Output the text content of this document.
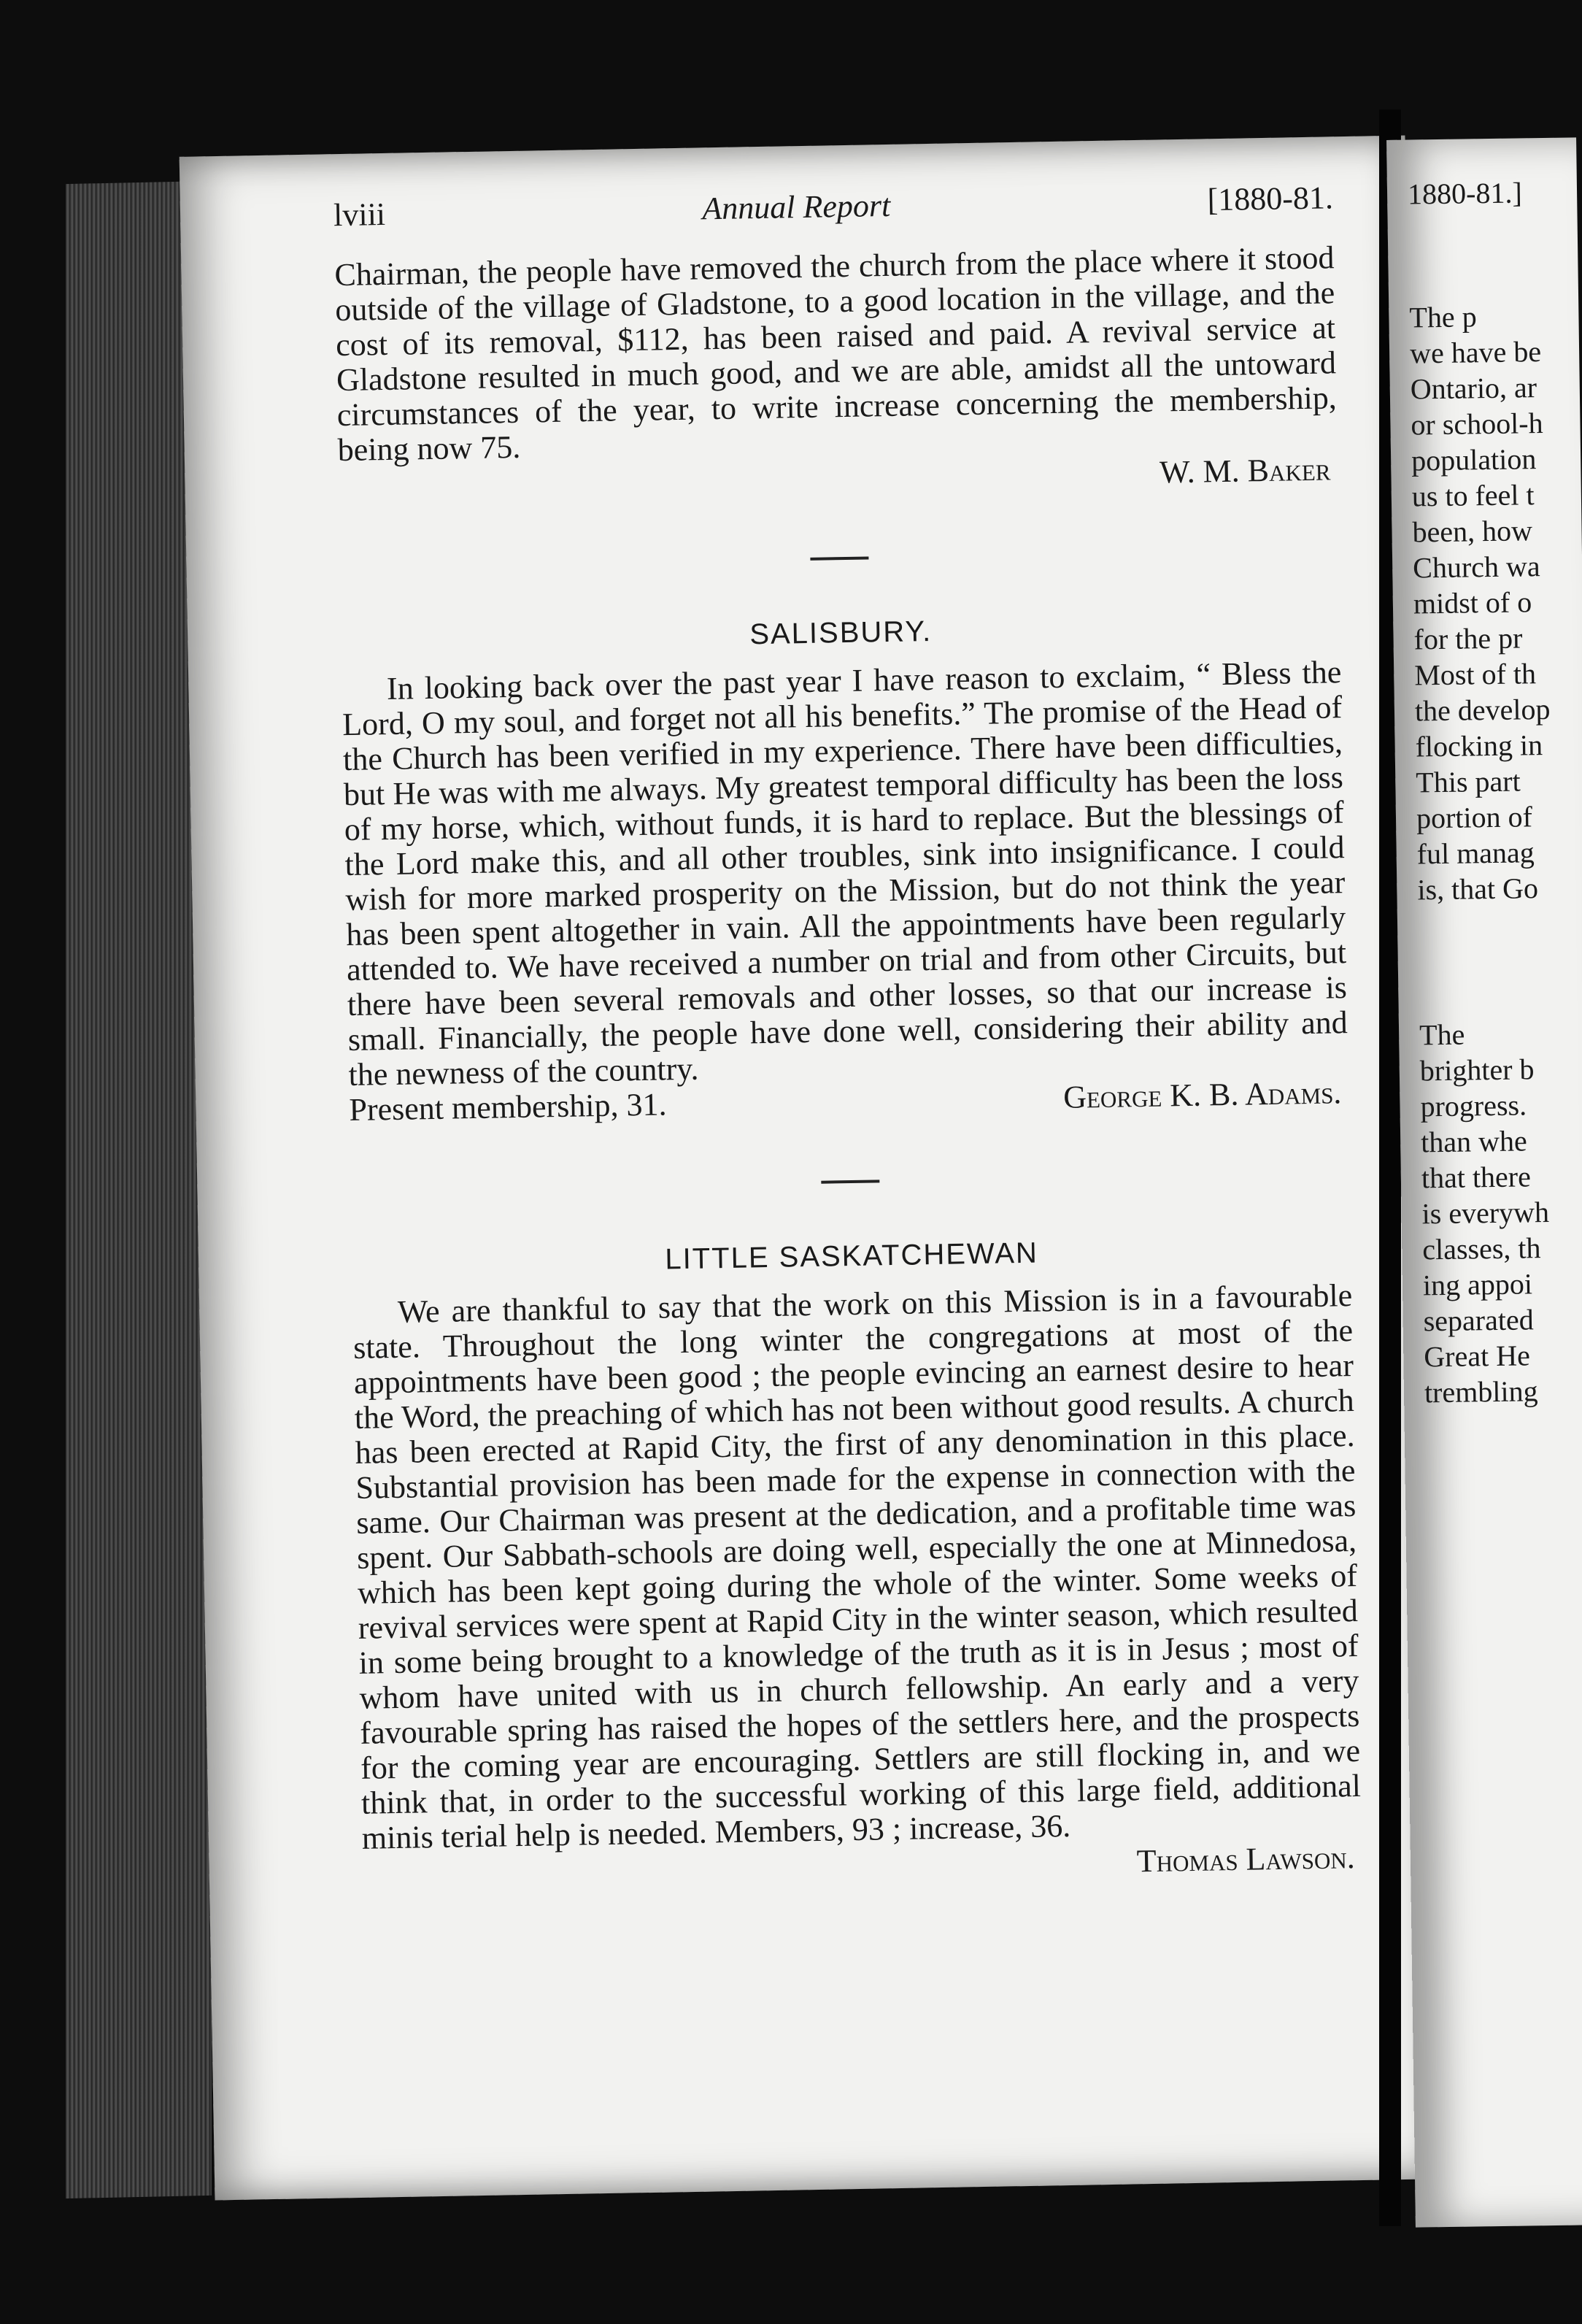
lviii	Annual Report	[1880-81.

Chairman, the people have removed the church from the place where it stood outside of the village of Gladstone, to a good location in the village, and the cost of its removal, $112, has been raised and paid. A revival service at Gladstone resulted in much good, and we are able, amidst all the untoward circumstances of the year, to write increase concerning the membership, being now 75.

W. M. Baker
SALISBURY.

In looking back over the past year I have reason to exclaim, “ Bless the Lord, O my soul, and forget not all his benefits.” The promise of the Head of the Church has been verified in my experience. There have been difficulties, but He was with me always. My greatest temporal difficulty has been the loss of my horse, which, without funds, it is hard to replace. But the blessings of the Lord make this, and all other troubles, sink into insignificance. I could wish for more marked prosperity on the Mission, but do not think the year has been spent altogether in vain. All the appointments have been regularly attended to. We have received a number on trial and from other Circuits, but there have been several removals and other losses, so that our increase is small. Financially, the people have done well, considering their ability and the newness of the country.

Present membership, 31.	George K. B. Adams.
LITTLE SASKATCHEWAN

We are thankful to say that the work on this Mission is in a favourable state. Throughout the long winter the congregations at most of the appointments have been good ; the people evincing an earnest desire to hear the Word, the preaching of which has not been without good results. A church has been erected at Rapid City, the first of any denomination in this place. Substantial provision has been made for the expense in connection with the same. Our Chairman was present at the dedication, and a profitable time was spent. Our Sabbath-schools are doing well, especially the one at Minnedosa, which has been kept going during the whole of the winter. Some weeks of revival services were spent at Rapid City in the winter season, which resulted in some being brought to a knowledge of the truth as it is in Jesus ; most of whom have united with us in church fellowship. An early and a very favourable spring has raised the hopes of the settlers here, and the prospects for the coming year are encouraging. Settlers are still flocking in, and we think that, in order to the successful working of this large field, additional minis terial help is needed. Members, 93 ; increase, 36.

Thomas Lawson.
1880-81.]
The p
we have be
Ontario, ar
or school-h
population
us to feel t
been, how
Church wa
midst of o
for the pr
Most of th
the develop
flocking in
This part
portion of
ful manag
is, that Go
The
brighter b
progress.
than whe
that there
is everywh
classes, th
ing appoi
separated
Great He
trembling
